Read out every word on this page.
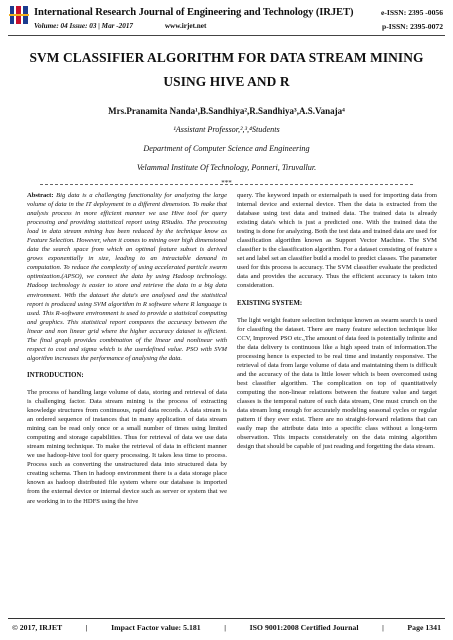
International Research Journal of Engineering and Technology (IRJET)
Volume: 04 Issue: 03 | Mar -2017	www.irjet.net
e-ISSN: 2395 -0056
p-ISSN: 2395-0072
SVM CLASSIFIER ALGORITHM FOR DATA STREAM MINING USING HIVE AND R
Mrs.Pranamita Nanda¹,B.Sandhiya²,R.Sandhiya³,A.S.Vanaja⁴
¹Assistant Professor,²,³,⁴Students
Department of Computer Science and Engineering
Velammal Institute Of Technology, Ponneri, Tiruvallur.
***

Abstract: Big data is a challenging functionality for analyzing the large volume of data in the IT deployment in a different dimension. To make that analysis process in more efficient manner we use Hive tool for query processing and providing statistical report using RStudio. The processing load in data stream mining has been reduced by the technique know as Feature Selection. However, when it comes to mining over high dimensional data the search space from which an optimal feature subset is derived grows exponentially in size, leading to an intractable demand in computation. To reduce the complexity of using accelerated particle swarm optimization.(APSO), we connect the data by using Hadoop technology. Hadoop technology is easier to store and retrieve the data in a big data environment. With the dataset the data's are analysed and the statistical report is produced using SVM algorithm in R software where R language is used. This R-software environment is used to provide a statisical computing and graphics. This statistical report compares the accuracy between the linear and non linear grid where the higher accuracy dataset is efficient. The final graph provides combination of the linear and nonlinear with respect to cost and sigma which is the userdefined value. PSO with SVM algorithm increases the performance of analysing the data.

INTRODUCTION:

The process of handling large volume of data, storing and retrieval of data is challenging factor. Data stream mining is the process of extracting knowledge structures from continuous, rapid data records. A data stream is an ordered sequence of instances that in many application of data stream mining can be read only once or a small number of times using limited computing and storage capabilities. Thus for retrieval of data we use data stream mining technique. To make the retrieval of data in efficient manner we use hadoop-hive tool for query processing. It takes less time to process. Process such as converting the unstructured data into structured data by creating schema. Then in hadoop environment there is a data storage place known as hadoop distributed file system where our database is imported from the external device or internal device such as server or system that we are working in to the HDFS using the hive

query. The keyword inpath or externalpath is used for importing data from internal device and external device. Then the data is extracted from the database using test data and trained data. The trained data is already existing data's which is just a predicted one. With the trained data the testing is done for analyzing. Both the test data and trained data are used for classification algorithm known as Support Vector Machine. The SVM classifier is the classification algorithm. For a dataset consisting of feature s set and label set an classifier build a model to predict classes. The parameter used for this process is accuracy. The SVM classifier evaluate the predicted data and provides the accuracy. Thus the efficient accuracy is taken into consideration.

EXISTING SYSTEM:

The light weight feature selection technique known as swarm search is used for classifing the dataset. There are many feature selection technique like CCV, Improved PSO etc.,The amount of data feed is potentially infinite and the data delivery is continuous like a high speed train of information.The processing hence is expected to be real time and instantly responsive. The retrieval of data from large volume of data and maintaining them is difficult and the accuracy of the data is little lower which is been overcomed using best classifier algorithm. The complication on top of quantitatively computing the non-linear relations between the feature value and target classes is the temporal nature of such data stream, One must crunch on the data stream long enough for accurately modeling seasonal cycles or regular pattern if they ever exist. There are no straight-forward relations that can easily map the attribute data into a specific class without a long-term observation. This impacts considerately on the data mining algorithm design that should be capable of just reading and forgetting the data stream.

© 2017, IRJET	|	Impact Factor value: 5.181	|	ISO 9001:2008 Certified Journal	|	Page 1341
